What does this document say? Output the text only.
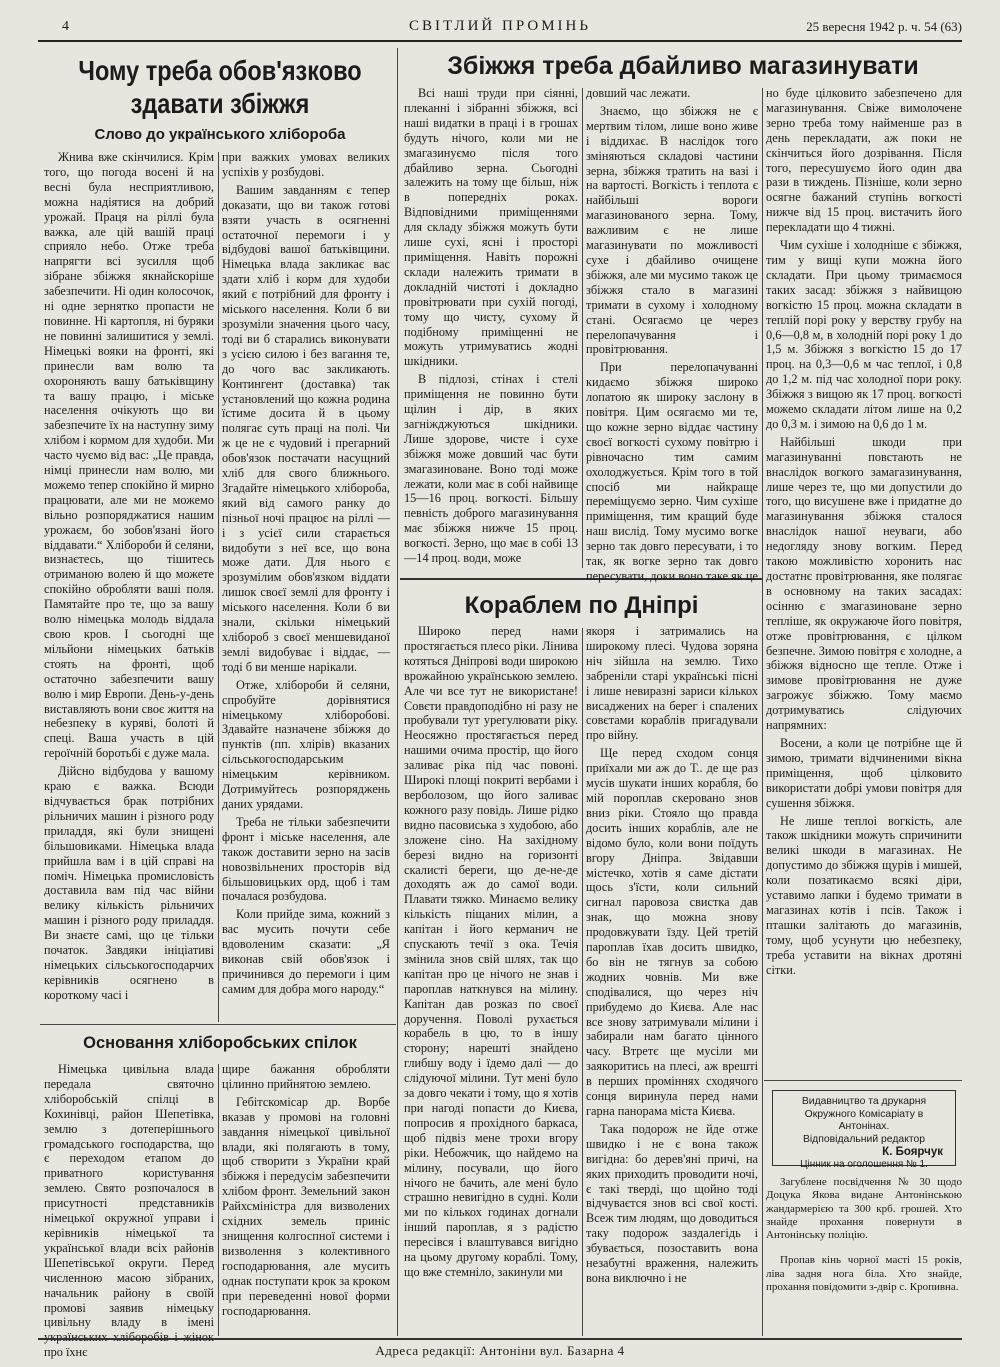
4	СВІТЛИЙ ПРОМІНЬ	25 вересня 1942 р. ч. 54 (63)
Чому треба обов'язково здавати збіжжя
Слово до українського хлібороба

Жнива вже скінчилися. Крім того, що погода восені й на весні була несприятливою, можна надіятися на добрий урожай. Праця на ріллі була важка, але цій вашій праці сприяло небо. Отже треба напрягти всі зусилля щоб зібране збіжжя якнайскоріше забезпечити. Ні один колосочок, ні одне зернятко пропасти не повинне. Ні картопля, ні буряки не повинні залишитися у землі. Німецькі вояки на фронті, які принесли вам волю та охороняють вашу батьківщину та вашу працю, і міське населення очікують що ви забезпечите їх на наступну зиму хлібом і кормом для худоби. Ми часто чуємо від вас: „Це правда, німці принесли нам волю, ми можемо тепер спокійно й мирно працювати, але ми не можемо вільно розпоряджатися нашим урожаєм, бо зобов'язані його віддавати.“ Хлібороби й селяни, визнаєтесь, що тішитесь отриманою волею й що можете спокійно обробляти ваші поля. Памятайте про те, що за вашу волю німецька молодь віддала свою кров. І сьогодні ще мільйони німецьких батьків стоять на фронті, щоб остаточно забезпечити вашу волю і мир Европи. День-у-день виставляють вони своє життя на небезпеку в куряві, болоті й спеці. Ваша участь в цій героїчній боротьбі є дуже мала.

Дійсно відбудова у вашому краю є важка. Всюди відчувається брак потрібних рільничих машин і різного роду приладдя, які були знищені більшовиками. Німецька влада прийшла вам і в цій справі на поміч. Німецька промисловість доставила вам під час війни велику кількість рільничих машин і різного роду приладдя. Ви знаєте самі, що це тільки початок. Завдяки ініціативі німецьких сільськогосподарчих керівників осягнено в короткому часі і

при важких умовах великих успіхів у розбудові.

Вашим завданням є тепер доказати, що ви також готові взяти участь в осягненні остаточної перемоги і у відбудові вашої батьківщини. Німецька влада закликає вас здати хліб і корм для худоби який є потрібний для фронту і міського населення. Коли б ви зрозуміли значення цього часу, тоді ви б старались виконувати з усією силою і без вагання те, до чого вас закликають. Контингент (доставка) так установлений що кожна родина їстиме досита й в цьому полягає суть праці на полі. Чи ж це не є чудовий і прегарний обов'язок постачати насущний хліб для свого ближнього. Згадайте німецького хлібороба, який від самого ранку до пізньої ночі працює на ріллі — і з усієї сили старається видобути з неї все, що вона може дати. Для нього є зрозумілим обов'язком віддати лишок своєї землі для фронту і міського населення. Коли б ви знали, скільки німецький хлібороб з своєї меншевиданої землі видобуває і віддає, — тоді б ви менше нарікали.

Отже, хлібороби й селяни, спробуйте дорівнятися німецькому хліборобові. Здавайте назначене збіжжя до пунктів (пп. хлірів) вказаних сільськогосподарським німецьким керівником. Дотримуйтесь розпоряджень даних урядами.

Треба не тільки забезпечити фронт і міське населення, але також доставити зерно на засів новозвільнених просторів від більшовицьких орд, щоб і там почалася розбудова.

Коли прийде зима, кожний з вас мусить почути себе вдоволеним сказати: „Я виконав свій обов'язок і причинився до перемоги і цим самим для добра мого народу.“

Збіжжя треба дбайливо магазинувати

Всі наші труди при сіянні, плеканні і зібранні збіжжя, всі наші видатки в праці і в грошах будуть нічого, коли ми не змагазинуємо після того дбайливо зерна. Сьогодні залежить на тому ще більш, ніж в попередніх роках. Відповідними приміщеннями для складу збіжжя можуть бути лише сухі, ясні і просторі приміщення. Навіть порожні склади належить тримати в докладній чистоті і докладно провітрювати при сухій погоді, тому що чисту, сухому й подібному приміщенні не можуть утримуватись жодні шкідники.

В підлозі, стінах і стелі приміщення не повинно бути щілин і дір, в яких загніжджуються шкідники. Лише здорове, чисте і сухе збіжжя може довший час бути змагазиноване. Воно тоді може лежати, коли має в собі найвище 15—16 проц. вогкості. Більшу певність доброго магазинування має збіжжя нижче 15 проц. вогкості. Зерно, що має в собі 13—14 проц. води, може

довший час лежати.

Знаємо, що збіжжя не є мертвим тілом, лише воно живе і віддихає. В наслідок того зміняються складові частини зерна, збіжжя тратить на вазі і на вартості. Вогкість і теплота є найбільші вороги магазинованого зерна. Тому, важливим є не лише магазинувати по можливості сухе і дбайливо очищене збіжжя, але ми мусимо також це збіжжя стало в магазині тримати в сухому і холодному стані. Осягаємо це через перелопачування і провітрювання.

При перелопачуванні кидаємо збіжжя широко лопатою як широку заслону в повітря. Цим осягаємо ми те, що кожне зерно віддає частину своєї вогкості сухому повітрю і рівночасно тим самим охолоджується. Крім того в той спосіб ми найкраще переміщуємо зерно. Чим сухіше приміщення, тим кращий буде наш вислід. Тому мусимо вогке зерно так довго пересувати, і то так, як вогке зерно так довго пересувати, доки воно таке як це

но буде цілковито забезпечено для магазинування. Свіже вимолочене зерно треба тому найменше раз в день перекладати, аж поки не скінчиться його дозрівання. Після того, пересушуємо його один два рази в тиждень. Пізніше, коли зерно осягне бажаний ступінь вогкості нижче від 15 проц. вистачить його перекладати що 4 тижні.

Чим сухіше і холодніше є збіжжя, тим у вищі купи можна його складати. При цьому тримаємося таких засад: збіжжя з найвищою вогкістю 15 проц. можна складати в теплій порі року у верству грубу на 0,6—0,8 м, в холодній порі року 1 до 1,5 м. Збіжжя з вогкістю 15 до 17 проц. на 0,3—0,6 м час теплої, і 0,8 до 1,2 м. під час холодної пори року. Збіжжя з вищою як 17 проц. вогкості можемо складати літом лише на 0,2 до 0,3 м. і зимою на 0,6 до 1 м.

Найбільші шкоди при магазинуванні повстають не внаслідок вогкого замагазинування, лише через те, що ми допустили до того, що висушене вже і придатне до магазинування збіжжя сталося внаслідок нашої неуваги, або недогляду знову вогким. Перед такою можливістю хоронить нас достатнє провітрювання, яке полягає в основному на таких засадах: осінню є змагазиноване зерно тепліше, як окружаюче його повітря, отже провітрювання, є цілком безпечне. Зимою повітря є холодне, а збіжжя відносно ще тепле. Отже і зимове провітрювання не дуже загрожує збіжжю. Тому маємо дотримуватись слідуючих напрямних:

Восени, а коли це потрібне ще й зимою, тримати відчиненими вікна приміщення, щоб цілковито використати добрі умови повітря для сушення збіжжя.

Не лише теплоі вогкість, але також шкідники можуть спричинити великі шкоди в магазинах. Не допустимо до збіжжя щурів і мишей, коли позатикаємо всякі діри, уставимо лапки і будемо тримати в магазинах котів і псів. Також і пташки залітають до магазинів, тому, щоб усунути цю небезпеку, треба уставити на вікнах дротяні сітки.

Кораблем по Дніпрі

Широко перед нами простягається плесо ріки. Лінива котяться Дніпрові води широкою врожайною українською землею. Але чи все тут не використане! Совєти правдоподібно ні разу не пробували тут урегулювати ріку. Неосяжно простягається перед нашими очима простір, що його заливає ріка під час повоні. Широкі площі покриті вербами і верболозом, що його заливає кожного разу повідь. Лише рідко видно пасовиська з худобою, або зложене сіно. На західному березі видно на горизонті скалисті береги, що де-не-де доходять аж до самої води. Плавати тяжко. Минаємо велику кількість піщаних мілин, а капітан і його керманич не спускають течії з ока. Течія змінила знов свій шлях, так що капітан про це нічого не знав і пароплав наткнувся на мілину. Капітан дав розказ по своєї доручення. Поволі рухається корабель в цю, то в іншу сторону; нарешті знайдено глибшу воду і їдемо далі — до слідуючої мілини. Тут мені було за довго чекати і тому, що я хотів при нагоді попасти до Києва, попросив я прохідного баркаса, щоб підвіз мене трохи вгору ріки. Небожчик, що найдемо на мілину, посували, що його нічого не бачить, але мені було страшно невигідно в судні. Коли ми по кількох годинах догнали інший пароплав, я з радістю пересівся і влаштувався вигідно на цьому другому кораблі. Тому, що вже стемніло, закинули ми

якоря і затримались на широкому плесі. Чудова зоряна ніч зійшла на землю. Тихо забреніли старі українські пісні і лише невиразні зариси кількох висаджених на берег і спалених совєтами кораблів пригадували про війну.

Ще перед сходом сонця приїхали ми аж до Т.. де ще раз мусів шукати інших корабля, бо мій пороплав скеровано знов вниз ріки. Стояло що правда досить інших кораблів, але не відомо було, коли вони поїдуть вгору Дніпра. Звідавши містечко, хотів я саме дістати щось з'їсти, коли сильний сигнал паровоза свистка дав знак, що можна знову продовжувати їзду. Цей третій пароплав їхав досить швидко, бо він не тягнув за собою жодних човнів. Ми вже сподівалися, що через ніч прибудемо до Києва. Але нас все знову затримували мілини і забирали нам багато цінного часу. Втретє ще мусіли ми заякоритись на плесі, аж врешті в перших проміннях сходячого сонця виринула перед нами гарна панорама міста Києва.

Така подорож не йде отже швидко і не є вона також вигідна: бо дерев'яні причі, на яких приходить проводити ночі, є такі тверді, що щойно тоді відчуваєтся знов всі свої кості. Всеж тим людям, що доводиться таку подорож заздалегідь і збувається, позоставить вона незабутні враження, належить вона виключно і не

Основання хліборобських спілок

Німецька цивільна влада передала святочно хліборобській спілці в Кохинівці, район Шепетівка, землю з дотеперішнього громадського господарства, що є переходом етапом до приватного користування землею. Свято розпочалося в присутності представників німецької окружної управи і керівників німецької та української влади всіх районів Шепетівської округи. Перед численною масою зібраних, начальник району в своїй промові заявив німецьку цивільну владу в імені українських хліборобів і жінок про їхнє

щире бажання обробляти цілинно прийнятою землею.

Гебітскомісар др. Ворбе вказав у промові на головні завдання німецької цивільної влади, які полягають в тому, щоб створити з України край збіжжя і передусім забезпечити хлібом фронт. Земельний закон Райхсміністра для визволених східних земель приніс знищення колгоспної системи і визволення з колективного господарювання, але мусить однак поступати крок за кроком при переведенні нової форми господарювання.

Видавництво та друкарня
Окружного Комісаріату в
Антонінах.
Відповідальний редактор
К. Боярчук
Цінник на оголошення № 1.

Загублене посвідчення № 30 щодо Доцука Якова видане Антонінською жандармерією та 300 крб. грошей. Хто знайде прохання повернути в Антонінську поліцію.

Пропав кінь чорної масті 15 років, ліва задня нога біла. Хто знайде, прохання повідомити з-двір с. Кропивна.

Адреса редакції: Антоніни вул. Базарна 4
